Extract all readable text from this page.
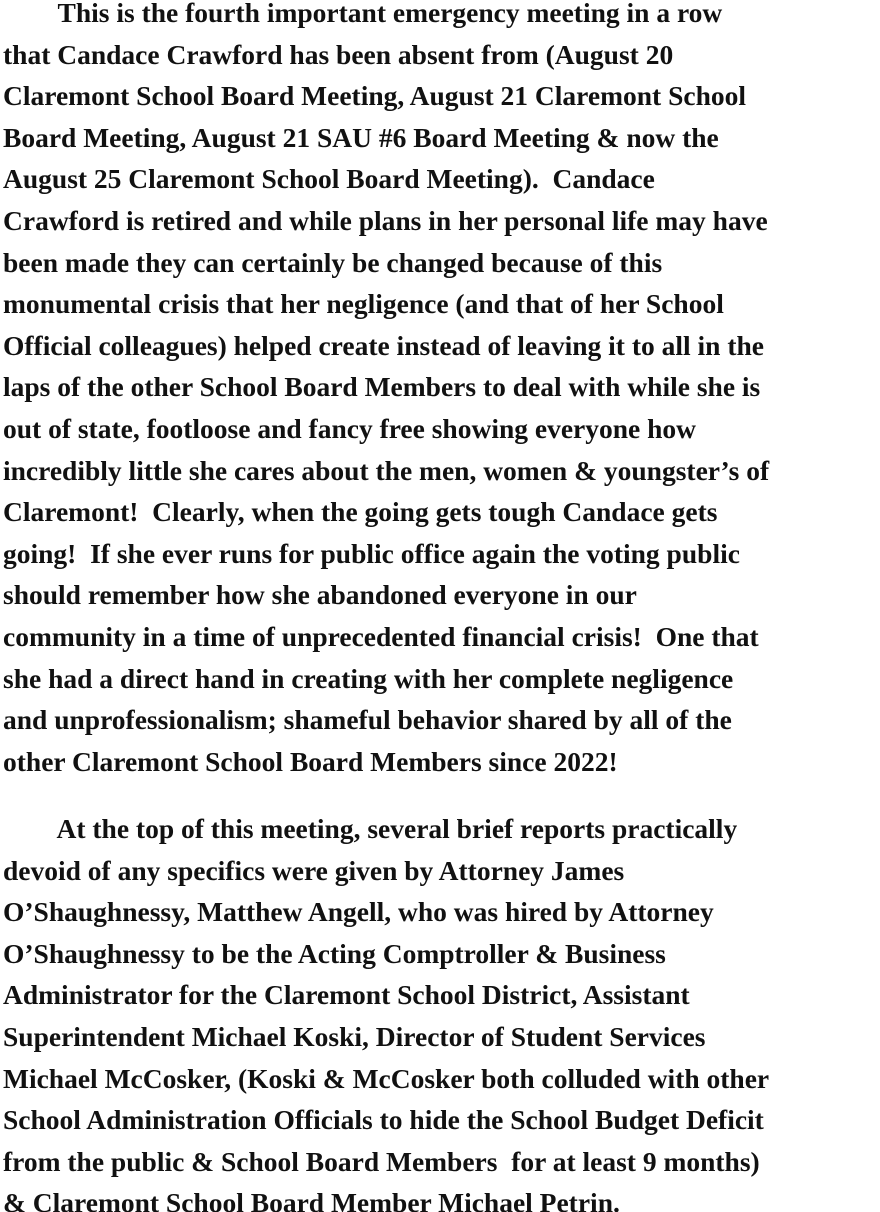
This is the fourth important emergency meeting in a row
that Candace Crawford has been absent from (August 20
Claremont School Board Meeting, August 21 Claremont School
Board Meeting, August 21 SAU #6 Board Meeting & now the
August 25 Claremont School Board Meeting).  Candace
Crawford is retired and while plans in her personal life may have
been made they can certainly be changed because of this
monumental crisis that her negligence (and that of her School
Official colleagues) helped create instead of leaving it to all in the
laps of the other School Board Members to deal with while she is
out of state, footloose and fancy free showing everyone how
incredibly little she cares about the men, women & youngster’s of
Claremont!  Clearly, when the going gets tough Candace gets
going!  If she ever runs for public office again the voting public
should remember how she abandoned everyone in our
community in a time of unprecedented financial crisis!  One that
she had a direct hand in creating with her complete negligence
and unprofessionalism; shameful behavior shared by all of the
other Claremont School Board Members since 2022!

At the top of this meeting, several brief reports practically
devoid of any specifics were given by Attorney James
O’Shaughnessy, Matthew Angell, who was hired by Attorney
O’Shaughnessy to be the Acting Comptroller & Business
Administrator for the Claremont School District, Assistant
Superintendent Michael Koski, Director of Student Services
Michael McCosker, (Koski & McCosker both colluded with other
School Administration Officials to hide the School Budget Deficit
from the public & School Board Members  for at least 9 months)
& Claremont School Board Member Michael Petrin.
